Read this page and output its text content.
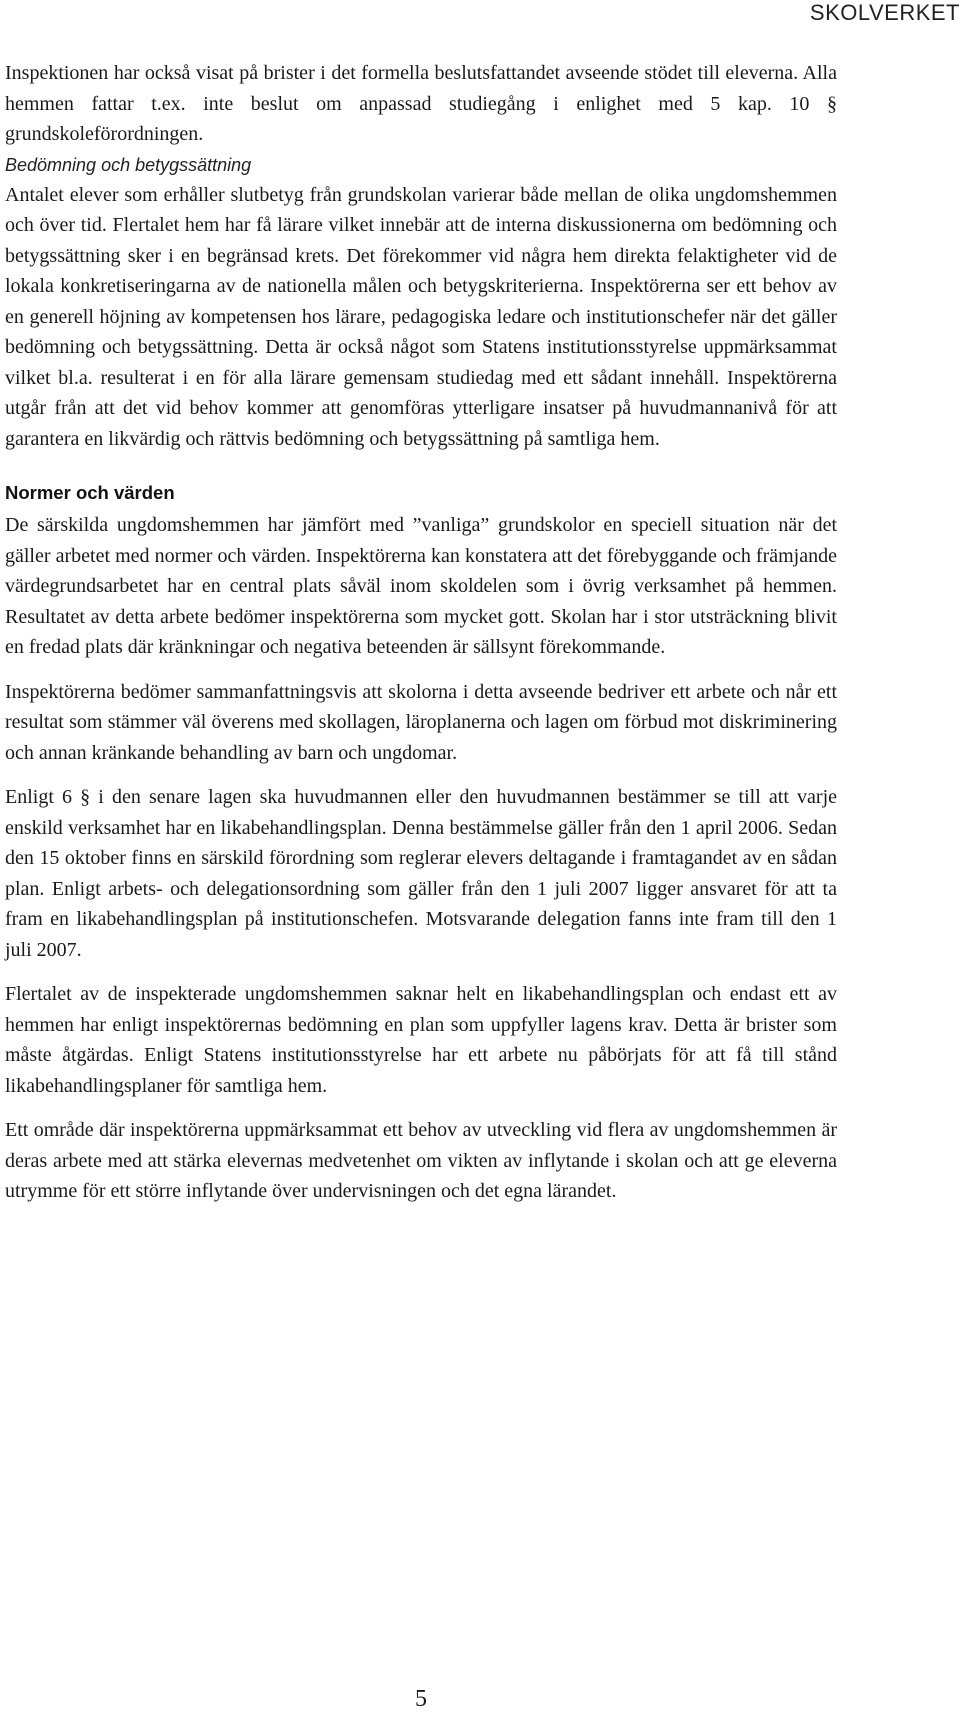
SKOLVERKET

Inspektionen har också visat på brister i det formella beslutsfattandet avseende stödet till eleverna. Alla hemmen fattar t.ex. inte beslut om anpassad studiegång i enlighet med 5 kap. 10 § grundskoleförordningen.

Bedömning och betygssättning

Antalet elever som erhåller slutbetyg från grundskolan varierar både mellan de olika ungdomshemmen och över tid. Flertalet hem har få lärare vilket innebär att de interna diskussionerna om bedömning och betygssättning sker i en begränsad krets. Det förekommer vid några hem direkta felaktigheter vid de lokala konkretiseringarna av de nationella målen och betygskriterierna. Inspektörerna ser ett behov av en generell höjning av kompetensen hos lärare, pedagogiska ledare och institutionschefer när det gäller bedömning och betygssättning. Detta är också något som Statens institutionsstyrelse uppmärksammat vilket bl.a. resulterat i en för alla lärare gemensam studiedag med ett sådant innehåll. Inspektörerna utgår från att det vid behov kommer att genomföras ytterligare insatser på huvudmannanivå för att garantera en likvärdig och rättvis bedömning och betygssättning på samtliga hem.

Normer och värden

De särskilda ungdomshemmen har jämfört med ”vanliga” grundskolor en speciell situation när det gäller arbetet med normer och värden. Inspektörerna kan konstatera att det förebyggande och främjande värdegrundsarbetet har en central plats såväl inom skoldelen som i övrig verksamhet på hemmen. Resultatet av detta arbete bedömer inspektörerna som mycket gott. Skolan har i stor utsträckning blivit en fredad plats där kränkningar och negativa beteenden är sällsynt förekommande.

Inspektörerna bedömer sammanfattningsvis att skolorna i detta avseende bedriver ett arbete och når ett resultat som stämmer väl överens med skollagen, läroplanerna och lagen om förbud mot diskriminering och annan kränkande behandling av barn och ungdomar.

Enligt 6 § i den senare lagen ska huvudmannen eller den huvudmannen bestämmer se till att varje enskild verksamhet har en likabehandlingsplan. Denna bestämmelse gäller från den 1 april 2006. Sedan den 15 oktober finns en särskild förordning som reglerar elevers deltagande i framtagandet av en sådan plan. Enligt arbets- och delegationsordning som gäller från den 1 juli 2007 ligger ansvaret för att ta fram en likabehandlingsplan på institutionschefen. Motsvarande delegation fanns inte fram till den 1 juli 2007.

Flertalet av de inspekterade ungdomshemmen saknar helt en likabehandlingsplan och endast ett av hemmen har enligt inspektörernas bedömning en plan som uppfyller lagens krav. Detta är brister som måste åtgärdas. Enligt Statens institutionsstyrelse har ett arbete nu påbörjats för att få till stånd likabehandlingsplaner för samtliga hem.

Ett område där inspektörerna uppmärksammat ett behov av utveckling vid flera av ungdomshemmen är deras arbete med att stärka elevernas medvetenhet om vikten av inflytande i skolan och att ge eleverna utrymme för ett större inflytande över undervisningen och det egna lärandet.

5
